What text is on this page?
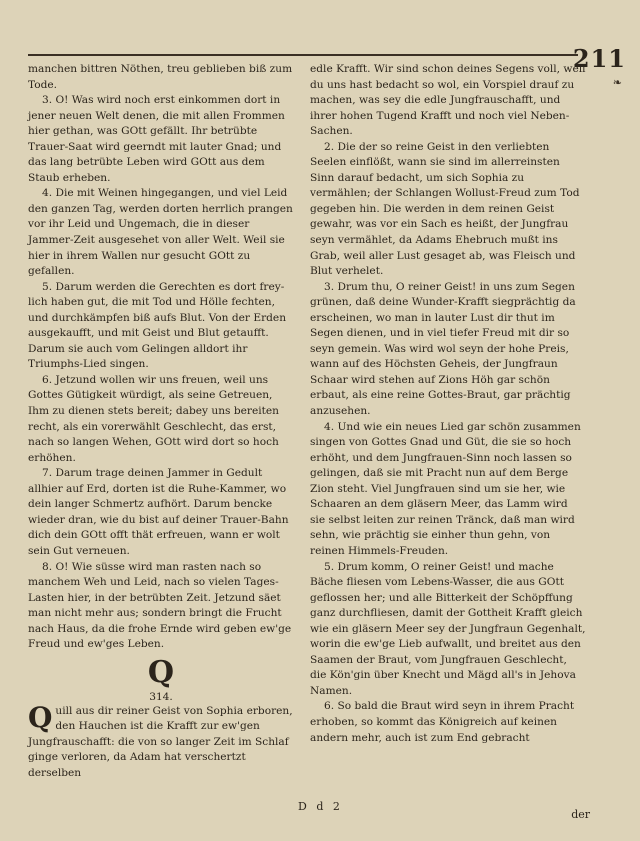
211
❧

manchen bittren Nöthen, treu geblieben biß zum Tode.

3. O! Was wird noch erst einkommen dort in jener neuen Welt denen, die mit allen Frommen hier gethan, was GOtt gefällt. Ihr betrübte Trauer-Saat wird geerndt mit lauter Gnad; und das lang betrübte Leben wird GOtt aus dem Staub erheben.

4. Die mit Weinen hingegangen, und viel Leid den ganzen Tag, werden dorten herrlich prangen vor ihr Leid und Ungemach, die in dieser Jammer-Zeit ausgesehet von aller Welt. Weil sie hier in ihrem Wallen nur gesucht GOtt zu gefallen.

5. Darum werden die Gerechten es dort frey-lich haben gut, die mit Tod und Hölle fechten, und durchkämpfen biß aufs Blut. Von der Erden ausgekaufft, und mit Geist und Blut getaufft. Darum sie auch vom Gelingen alldort ihr Triumphs-Lied singen.

6. Jetzund wollen wir uns freuen, weil uns Gottes Gütigkeit würdigt, als seine Getreuen, Ihm zu dienen stets bereit; dabey uns bereiten recht, als ein vorerwählt Geschlecht, das erst, nach so langen Wehen, GOtt wird dort so hoch erhöhen.

7. Darum trage deinen Jammer in Gedult allhier auf Erd, dorten ist die Ruhe-Kammer, wo dein langer Schmertz aufhört. Darum bencke wieder dran, wie du bist auf deiner Trauer-Bahn dich dein GOtt offt thät erfreuen, wann er wolt sein Gut verneuen.

8. O! Wie süsse wird man rasten nach so manchem Weh und Leid, nach so vielen Tages-Lasten hier, in der betrübten Zeit. Jetzund säet man nicht mehr aus; sondern bringt die Frucht nach Haus, da die frohe Ernde wird geben ew'ge Freud und ew'ges Leben.

Q
314.

Q uill aus dir reiner Geist von Sophia erboren, den Hauchen ist die Krafft zur ew'gen Jungfrauschafft: die von so langer Zeit im Schlaf ginge verloren, da Adam hat verschertzt derselben

edle Krafft. Wir sind schon deines Segens voll, weil du uns hast bedacht so wol, ein Vorspiel drauf zu machen, was sey die edle Jungfrauschafft, und ihrer hohen Tugend Krafft und noch viel Neben-Sachen.

2. Die der so reine Geist in den verliebten Seelen einflößt, wann sie sind im allerreinsten Sinn darauf bedacht, um sich Sophia zu vermählen; der Schlangen Wollust-Freud zum Tod gegeben hin. Die werden in dem reinen Geist gewahr, was vor ein Sach es heißt, der Jungfrau seyn vermählet, da Adams Ehebruch mußt ins Grab, weil aller Lust gesaget ab, was Fleisch und Blut verhelet.

3. Drum thu, O reiner Geist! in uns zum Segen grünen, daß deine Wunder-Krafft siegprächtig da erscheinen, wo man in lauter Lust dir thut im Segen dienen, und in viel tiefer Freud mit dir so seyn gemein. Was wird wol seyn der hohe Preis, wann auf des Höchsten Geheis, der Jungfraun Schaar wird stehen auf Zions Höh gar schön erbaut, als eine reine Gottes-Braut, gar prächtig anzusehen.

4. Und wie ein neues Lied gar schön zusammen singen von Gottes Gnad und Güt, die sie so hoch erhöht, und dem Jungfrauen-Sinn noch lassen so gelingen, daß sie mit Pracht nun auf dem Berge Zion steht. Viel Jungfrauen sind um sie her, wie Schaaren an dem gläsern Meer, das Lamm wird sie selbst leiten zur reinen Tränck, daß man wird sehn, wie prächtig sie einher thun gehn, von reinen Himmels-Freuden.

5. Drum komm, O reiner Geist! und mache Bäche fliesen vom Lebens-Wasser, die aus GOtt geflossen her; und alle Bitterkeit der Schöpffung ganz durchfliesen, damit der Gottheit Krafft gleich wie ein gläsern Meer sey der Jungfraun Gegenhalt, worin die ew'ge Lieb aufwallt, und breitet aus den Saamen der Braut, vom Jungfrauen Geschlecht, die Kön'gin über Knecht und Mägd all's in Jehova Namen.

6. So bald die Braut wird seyn in ihrem Pracht erhoben, so kommt das Königreich auf keinen andern mehr, auch ist zum End gebracht

D d 2
der
